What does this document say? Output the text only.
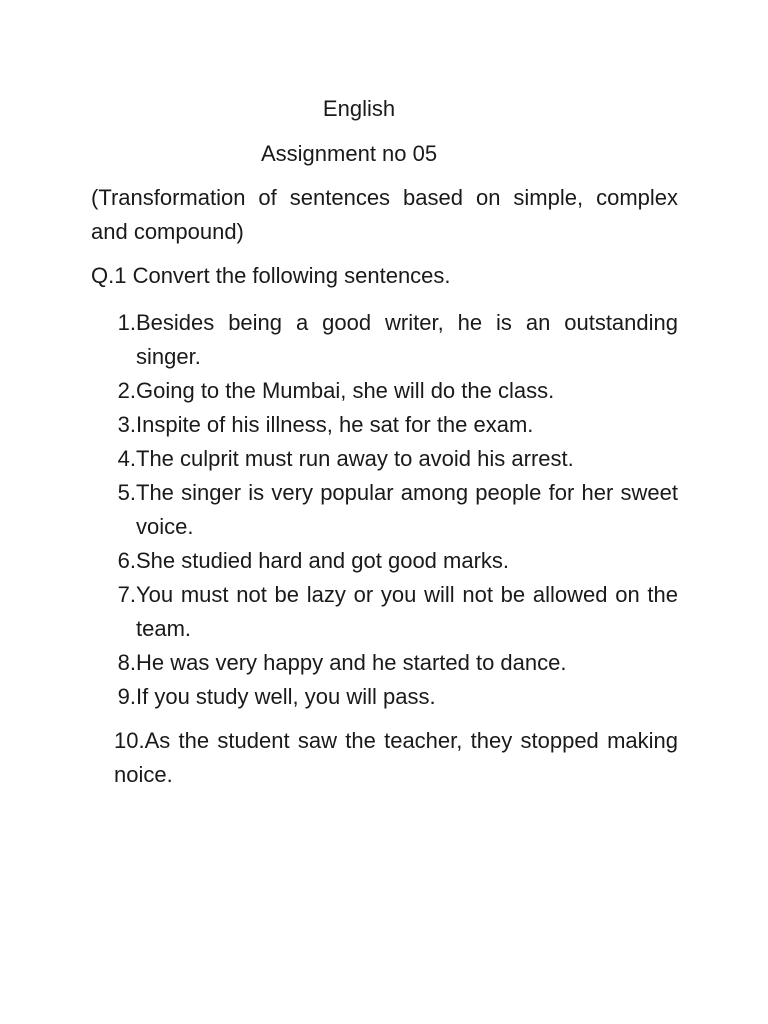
English
Assignment no 05

(Transformation of sentences based on simple, complex and compound)

Q.1 Convert the following sentences.

1. Besides being a good writer, he is an outstanding singer.
2. Going to the Mumbai, she will do the class.
3. Inspite of his illness, he sat for the exam.
4. The culprit must run away to avoid his arrest.
5. The singer is very popular among people for her sweet voice.
6. She studied hard and got good marks.
7. You must not be lazy or you will not be allowed on the team.
8. He was very happy and he started to dance.
9. If you study well, you will pass.

10.As the student saw the teacher, they stopped making noice.
